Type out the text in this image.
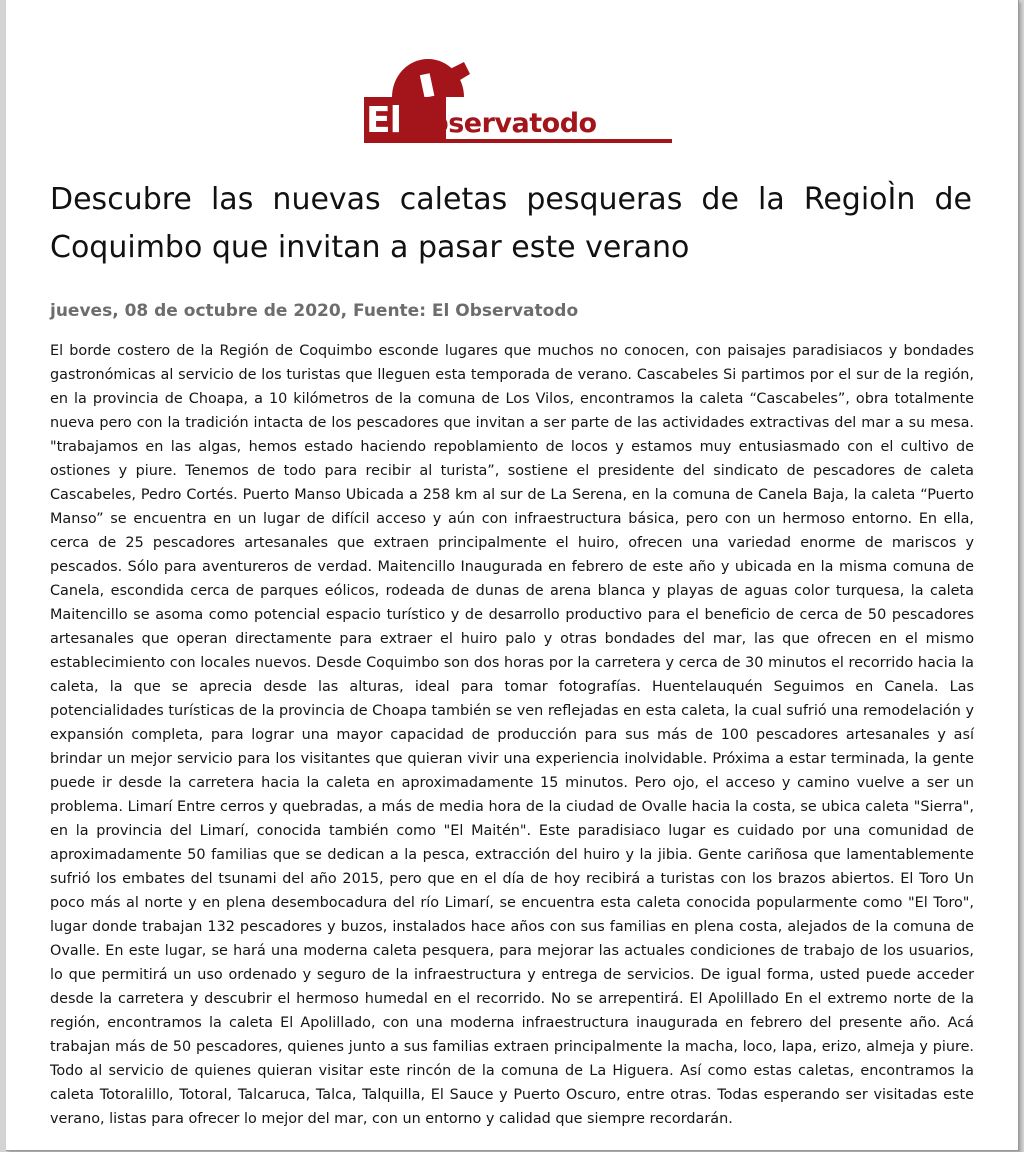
El Observatodo
Descubre las nuevas caletas pesqueras de la RegioÌn de Coquimbo que invitan a pasar este verano

jueves, 08 de octubre de 2020, Fuente: El Observatodo

El borde costero de la Región de Coquimbo esconde lugares que muchos no conocen, con paisajes paradisiacos y bondades gastronómicas al servicio de los turistas que lleguen esta temporada de verano. Cascabeles Si partimos por el sur de la región, en la provincia de Choapa, a 10 kilómetros de la comuna de Los Vilos, encontramos la caleta “Cascabeles”, obra totalmente nueva pero con la tradición intacta de los pescadores que invitan a ser parte de las actividades extractivas del mar a su mesa. "trabajamos en las algas, hemos estado haciendo repoblamiento de locos y estamos muy entusiasmado con el cultivo de ostiones y piure. Tenemos de todo para recibir al turista”, sostiene el presidente del sindicato de pescadores de caleta Cascabeles, Pedro Cortés. Puerto Manso Ubicada a 258 km al sur de La Serena, en la comuna de Canela Baja, la caleta “Puerto Manso” se encuentra en un lugar de difícil acceso y aún con infraestructura básica, pero con un hermoso entorno. En ella, cerca de 25 pescadores artesanales que extraen principalmente el huiro, ofrecen una variedad enorme de mariscos y pescados. Sólo para aventureros de verdad. Maitencillo Inaugurada en febrero de este año y ubicada en la misma comuna de Canela, escondida cerca de parques eólicos, rodeada de dunas de arena blanca y playas de aguas color turquesa, la caleta Maitencillo se asoma como potencial espacio turístico y de desarrollo productivo para el beneficio de cerca de 50 pescadores artesanales que operan directamente para extraer el huiro palo y otras bondades del mar, las que ofrecen en el mismo establecimiento con locales nuevos. Desde Coquimbo son dos horas por la carretera y cerca de 30 minutos el recorrido hacia la caleta, la que se aprecia desde las alturas, ideal para tomar fotografías. Huentelauquén Seguimos en Canela. Las potencialidades turísticas de la provincia de Choapa también se ven reflejadas en esta caleta, la cual sufrió una remodelación y expansión completa, para lograr una mayor capacidad de producción para sus más de 100 pescadores artesanales y así brindar un mejor servicio para los visitantes que quieran vivir una experiencia inolvidable. Próxima a estar terminada, la gente puede ir desde la carretera hacia la caleta en aproximadamente 15 minutos. Pero ojo, el acceso y camino vuelve a ser un problema. Limarí Entre cerros y quebradas, a más de media hora de la ciudad de Ovalle hacia la costa, se ubica caleta "Sierra", en la provincia del Limarí, conocida también como "El Maitén". Este paradisiaco lugar es cuidado por una comunidad de aproximadamente 50 familias que se dedican a la pesca, extracción del huiro y la jibia. Gente cariñosa que lamentablemente sufrió los embates del tsunami del año 2015, pero que en el día de hoy recibirá a turistas con los brazos abiertos. El Toro Un poco más al norte y en plena desembocadura del río Limarí, se encuentra esta caleta conocida popularmente como "El Toro", lugar donde trabajan 132 pescadores y buzos, instalados hace años con sus familias en plena costa, alejados de la comuna de Ovalle. En este lugar, se hará una moderna caleta pesquera, para mejorar las actuales condiciones de trabajo de los usuarios, lo que permitirá un uso ordenado y seguro de la infraestructura y entrega de servicios. De igual forma, usted puede acceder desde la carretera y descubrir el hermoso humedal en el recorrido. No se arrepentirá. El Apolillado En el extremo norte de la región, encontramos la caleta El Apolillado, con una moderna infraestructura inaugurada en febrero del presente año. Acá trabajan más de 50 pescadores, quienes junto a sus familias extraen principalmente la macha, loco, lapa, erizo, almeja y piure. Todo al servicio de quienes quieran visitar este rincón de la comuna de La Higuera. Así como estas caletas, encontramos la caleta Totoralillo, Totoral, Talcaruca, Talca, Talquilla, El Sauce y Puerto Oscuro, entre otras. Todas esperando ser visitadas este verano, listas para ofrecer lo mejor del mar, con un entorno y calidad que siempre recordarán.
